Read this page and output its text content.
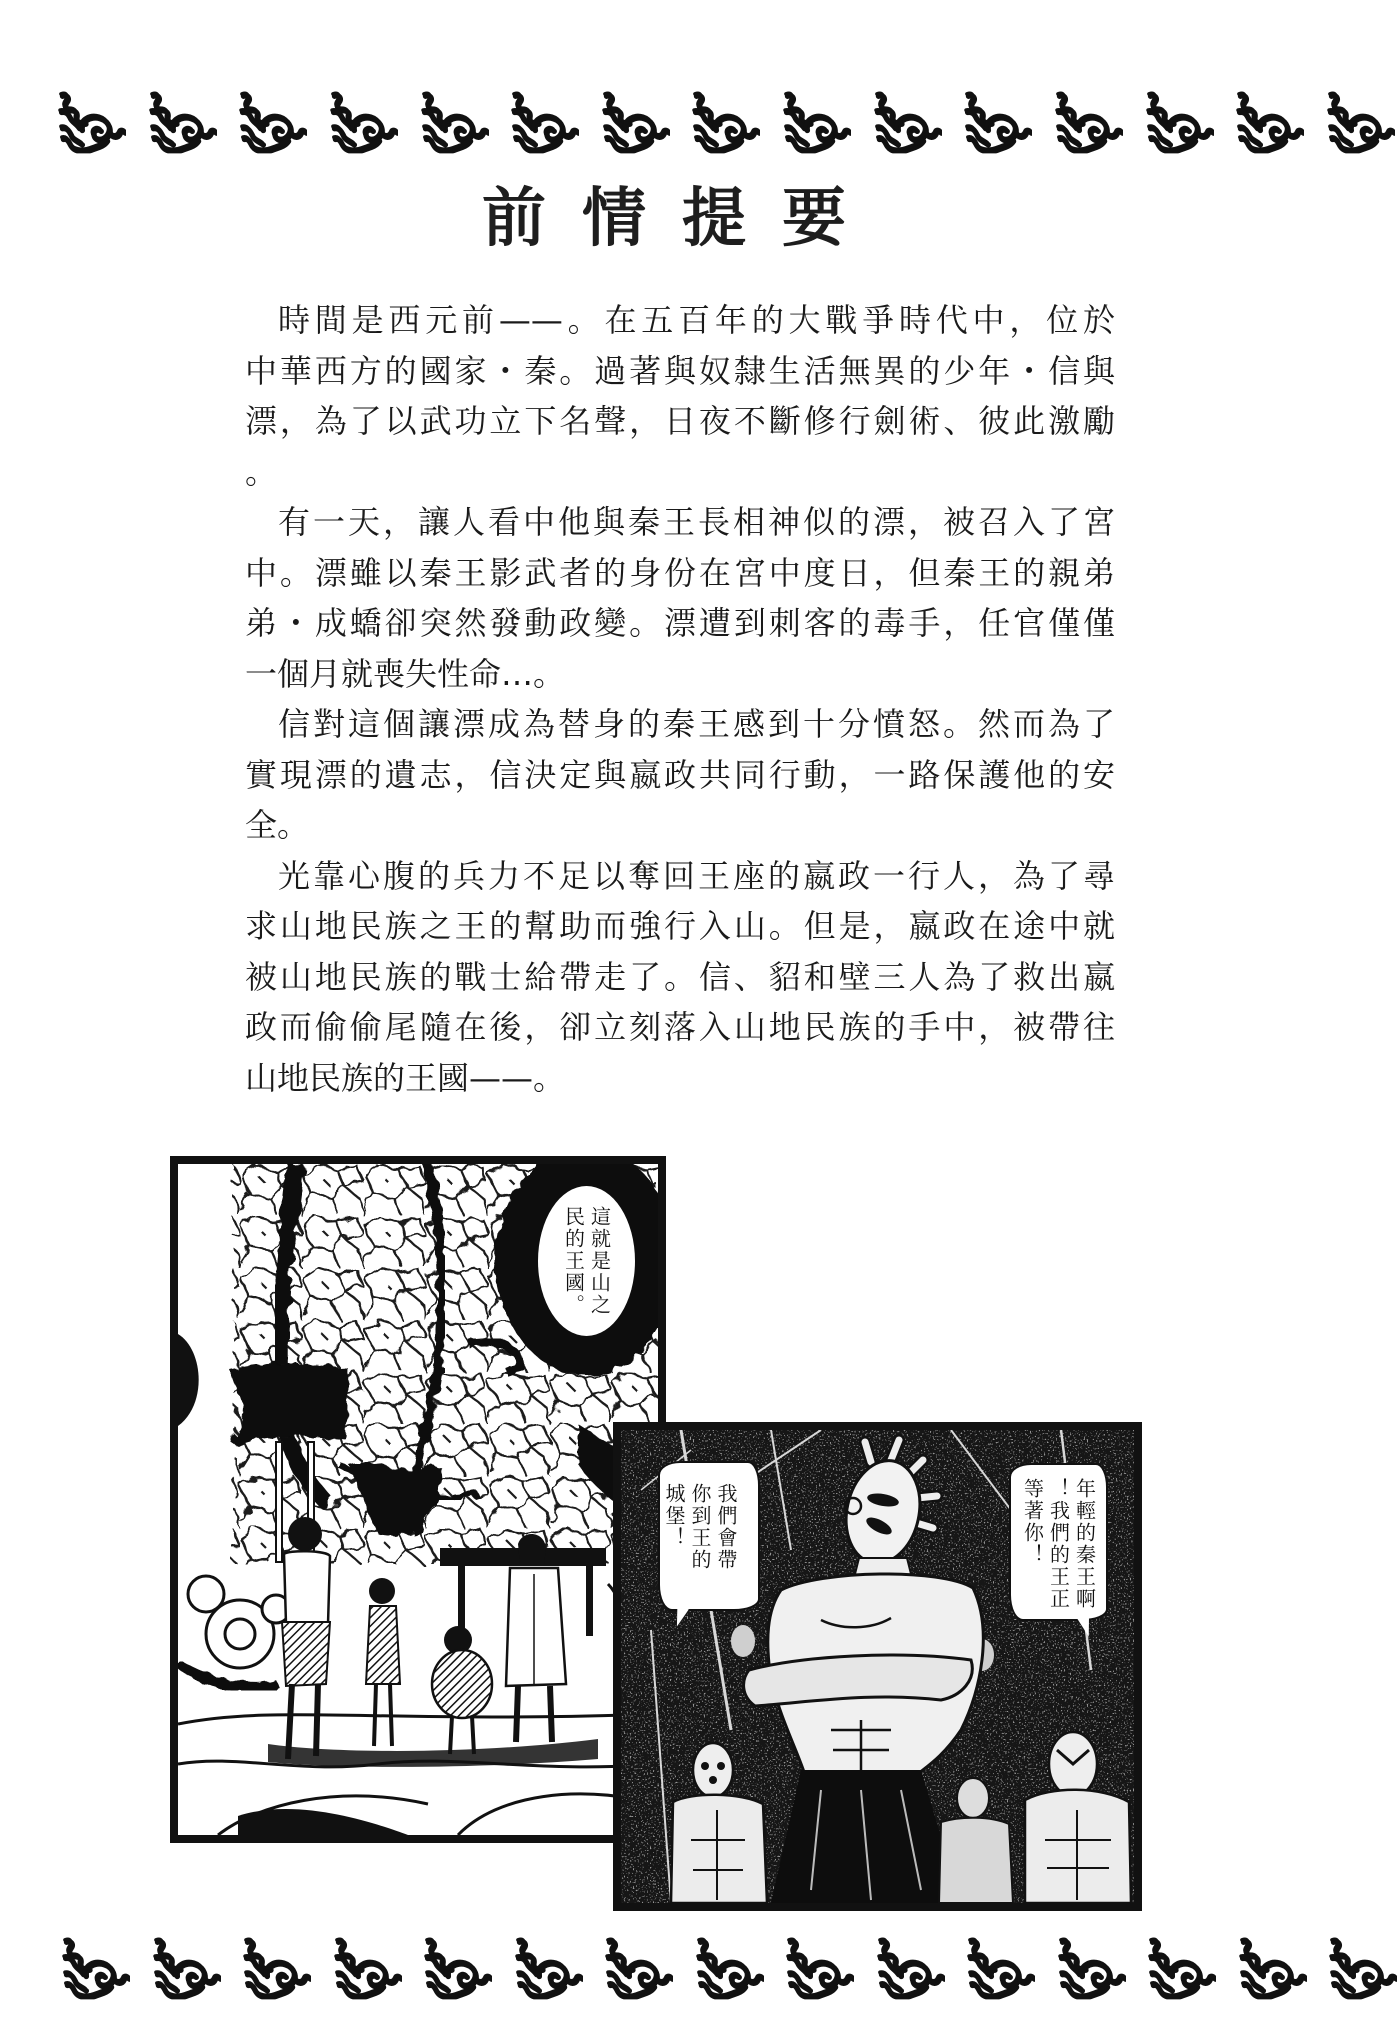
前情提要
時間是西元前——。在五百年的大戰爭時代中，位於
中華西方的國家・秦。過著與奴隸生活無異的少年・信與
漂，為了以武功立下名聲，日夜不斷修行劍術、彼此激勵
。
有一天，讓人看中他與秦王長相神似的漂，被召入了宮
中。漂雖以秦王影武者的身份在宮中度日，但秦王的親弟
弟・成蟜卻突然發動政變。漂遭到刺客的毒手，任官僅僅
一個月就喪失性命…。
信對這個讓漂成為替身的秦王感到十分憤怒。然而為了
實現漂的遺志，信決定與嬴政共同行動，一路保護他的安
全。
光靠心腹的兵力不足以奪回王座的嬴政一行人，為了尋
求山地民族之王的幫助而強行入山。但是，嬴政在途中就
被山地民族的戰士給帶走了。信、貂和壁三人為了救出嬴
政而偷偷尾隨在後，卻立刻落入山地民族的手中，被帶往
山地民族的王國——。
這就是山之
民的王國。
我們會帶
你到王的
城堡！	年輕的秦王啊
！我們的王正
等著你！
